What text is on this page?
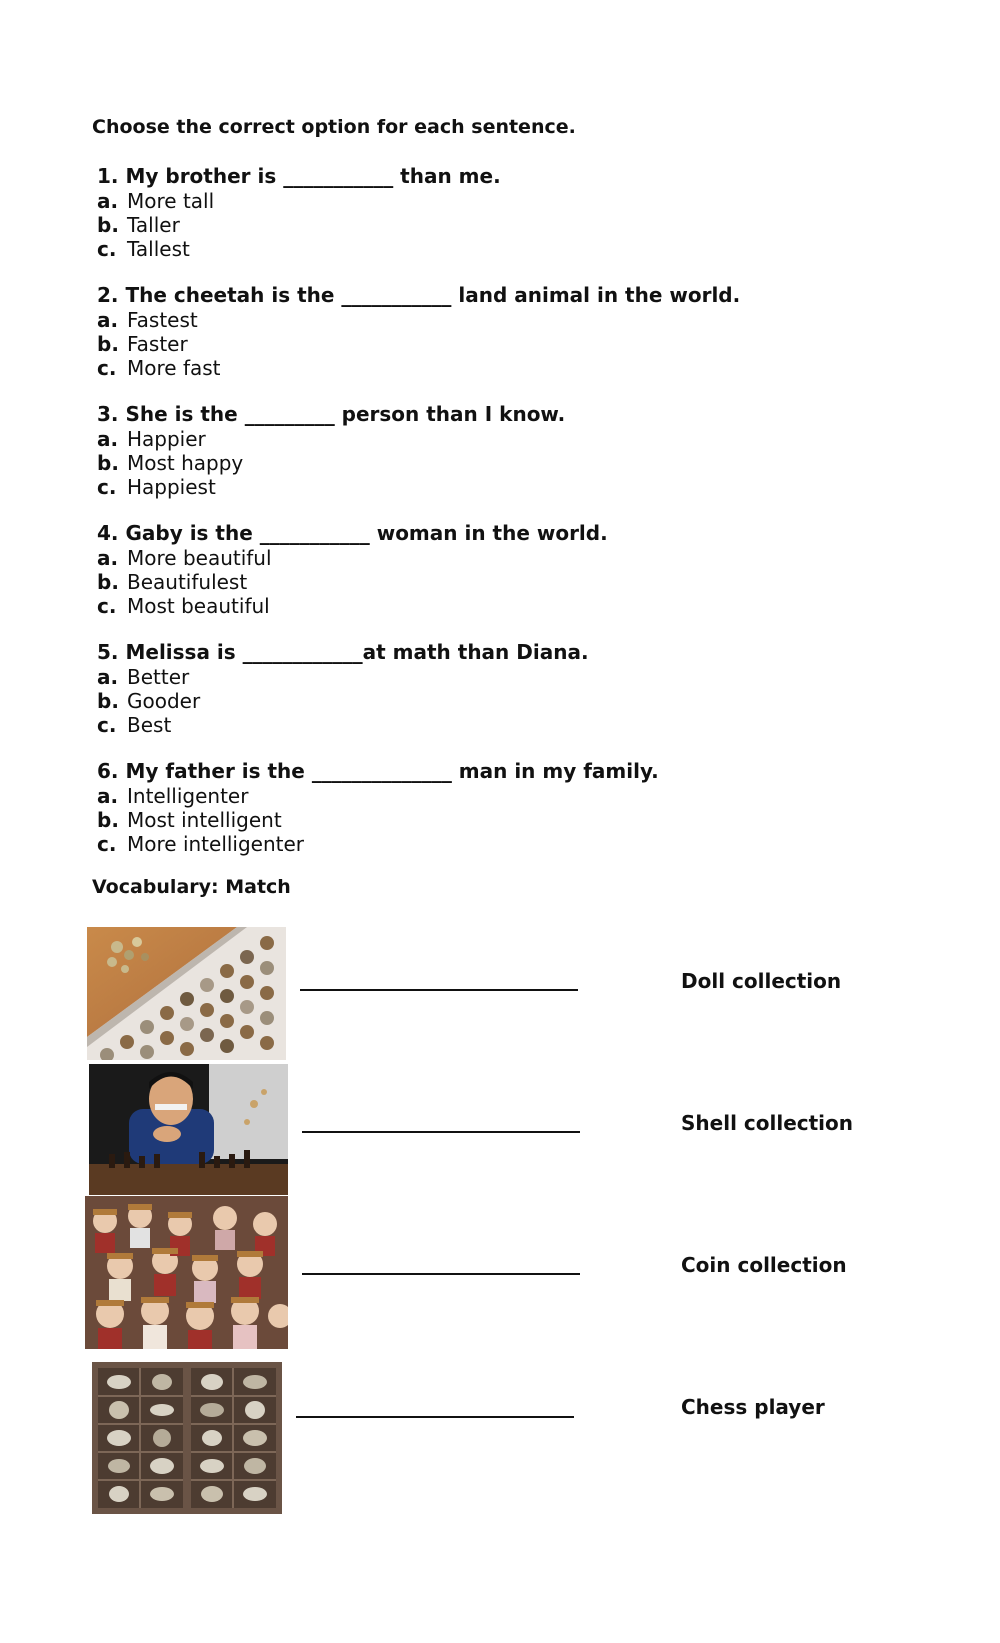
Choose the correct option for each sentence.
1. My brother is ___________ than me.
a. More tall
b. Taller
c. Tallest
2. The cheetah is the ___________ land animal in the world.
a. Fastest
b. Faster
c. More fast
3. She is the _________ person than I know.
a. Happier
b. Most happy
c. Happiest
4. Gaby is the ___________ woman in the world.
a. More beautiful
b. Beautifulest
c. Most beautiful
5. Melissa is ____________at math than Diana.
a. Better
b. Gooder
c. Best
6. My father is the ______________ man in my family.
a. Intelligenter
b. Most intelligent
c. More intelligenter
Vocabulary: Match
Doll collection
Shell collection
Coin collection
Chess player
